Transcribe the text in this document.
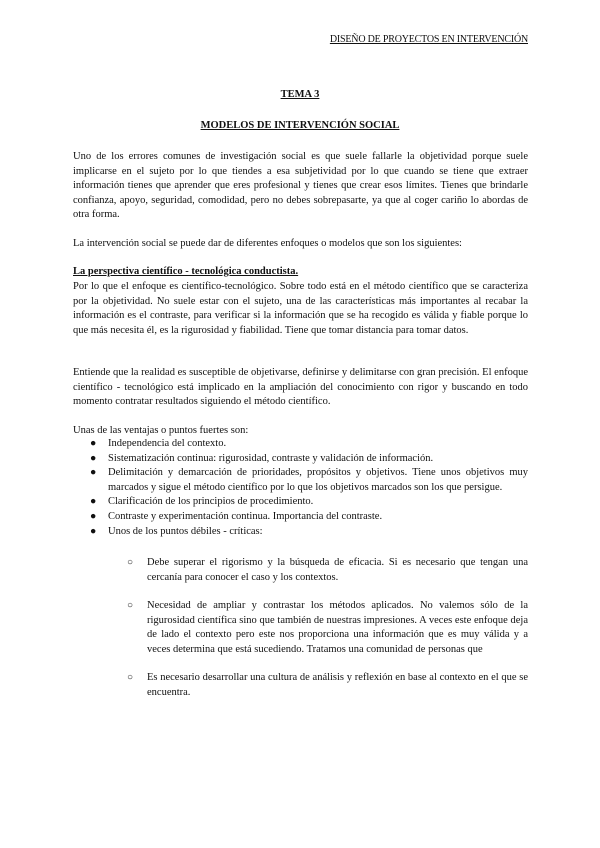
DISEÑO DE PROYECTOS EN INTERVENCIÓN
TEMA 3
MODELOS DE INTERVENCIÓN SOCIAL

Uno de los errores comunes de investigación social es que suele fallarle la objetividad porque suele implicarse en el sujeto por lo que tiendes a esa subjetividad por lo que cuando se tiene que extraer información tienes que aprender que eres profesional y tienes que crear esos límites. Tienes que brindarle confianza, apoyo, seguridad, comodidad, pero no debes sobrepasarte, ya que al coger cariño lo abordas de otra forma.

La intervención social se puede dar de diferentes enfoques o modelos que son los siguientes:

La perspectiva científico - tecnológica conductista.

Por lo que el enfoque es científico-tecnológico. Sobre todo está en el método científico que se caracteriza por la objetividad. No suele estar con el sujeto, una de las características más importantes al recabar la información es el contraste, para verificar si la información que se ha recogido es válida y fiable porque lo que más necesita él, es la rigurosidad y fiabilidad. Tiene que tomar distancia para tomar datos.

Entiende que la realidad es susceptible de objetivarse, definirse y delimitarse con gran precisión. El enfoque científico - tecnológico está implicado en la ampliación del conocimiento con rigor y buscando en todo momento contratar resultados siguiendo el método científico.

Unas de las ventajas o puntos fuertes son:

● Independencia del contexto.
● Sistematización continua: rigurosidad, contraste y validación de información.
● Delimitación y demarcación de prioridades, propósitos y objetivos. Tiene unos objetivos muy marcados y sigue el método científico por lo que los objetivos marcados son los que persigue.
● Clarificación de los principios de procedimiento.
● Contraste y experimentación continua. Importancia del contraste.
● Unos de los puntos débiles - críticas:
○ Debe superar el rigorismo y la búsqueda de eficacia. Si es necesario que tengan una cercanía para conocer el caso y los contextos.
○ Necesidad de ampliar y contrastar los métodos aplicados. No valemos sólo de la rigurosidad científica sino que también de nuestras impresiones. A veces este enfoque deja de lado el contexto pero este nos proporciona una información que es muy válida y a veces determina que está sucediendo. Tratamos una comunidad de personas que
○ Es necesario desarrollar una cultura de análisis y reflexión en base al contexto en el que se encuentra.
